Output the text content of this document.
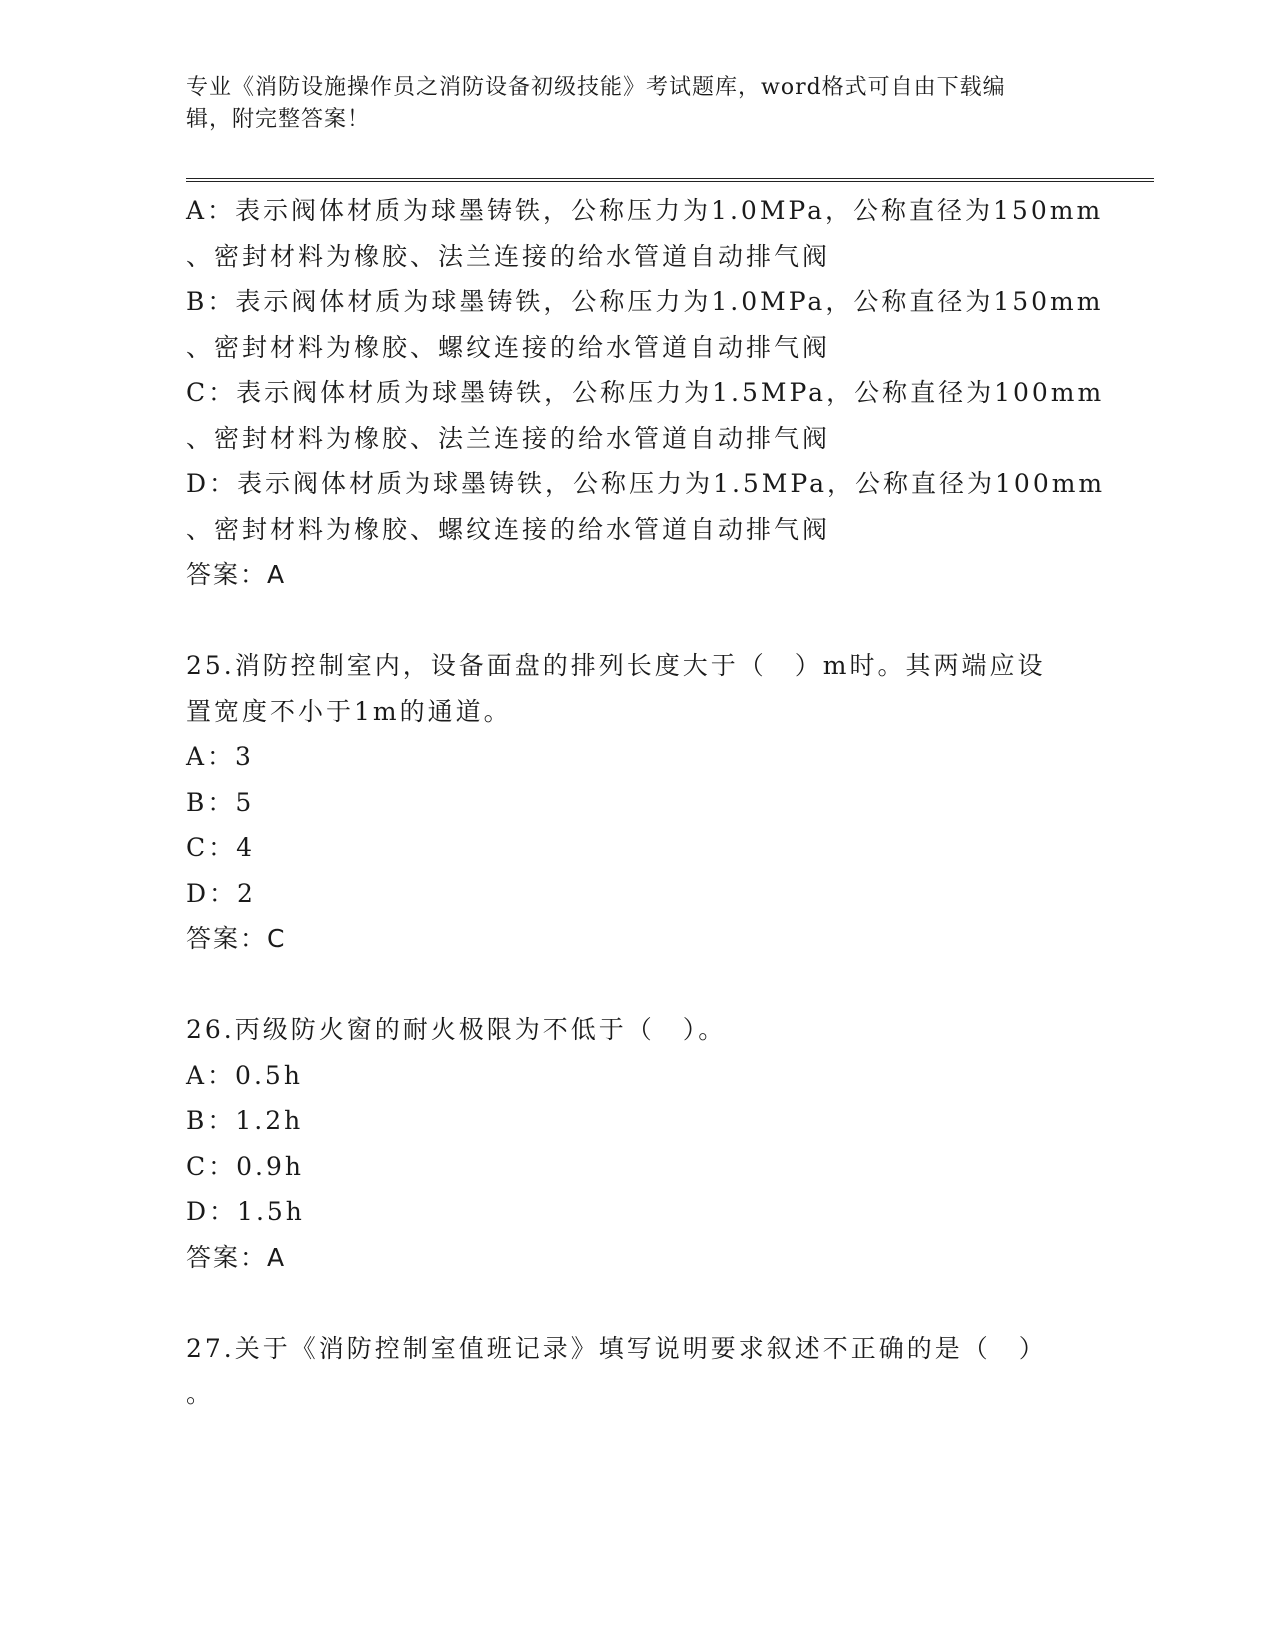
专业《消防设施操作员之消防设备初级技能》考试题库，word格式可自由下载编
辑，附完整答案！
A：表示阀体材质为球墨铸铁，公称压力为1.0MPa，公称直径为150mm
、密封材料为橡胶、法兰连接的给水管道自动排气阀
B：表示阀体材质为球墨铸铁，公称压力为1.0MPa，公称直径为150mm
、密封材料为橡胶、螺纹连接的给水管道自动排气阀
C：表示阀体材质为球墨铸铁，公称压力为1.5MPa，公称直径为100mm
、密封材料为橡胶、法兰连接的给水管道自动排气阀
D：表示阀体材质为球墨铸铁，公称压力为1.5MPa，公称直径为100mm
、密封材料为橡胶、螺纹连接的给水管道自动排气阀
答案：A
25.消防控制室内，设备面盘的排列长度大于（　）m时。其两端应设
置宽度不小于1m的通道。
A：3
B：5
C：4
D：2
答案：C
26.丙级防火窗的耐火极限为不低于（　）。
A：0.5h
B：1.2h
C：0.9h
D：1.5h
答案：A
27.关于《消防控制室值班记录》填写说明要求叙述不正确的是（　）
。
